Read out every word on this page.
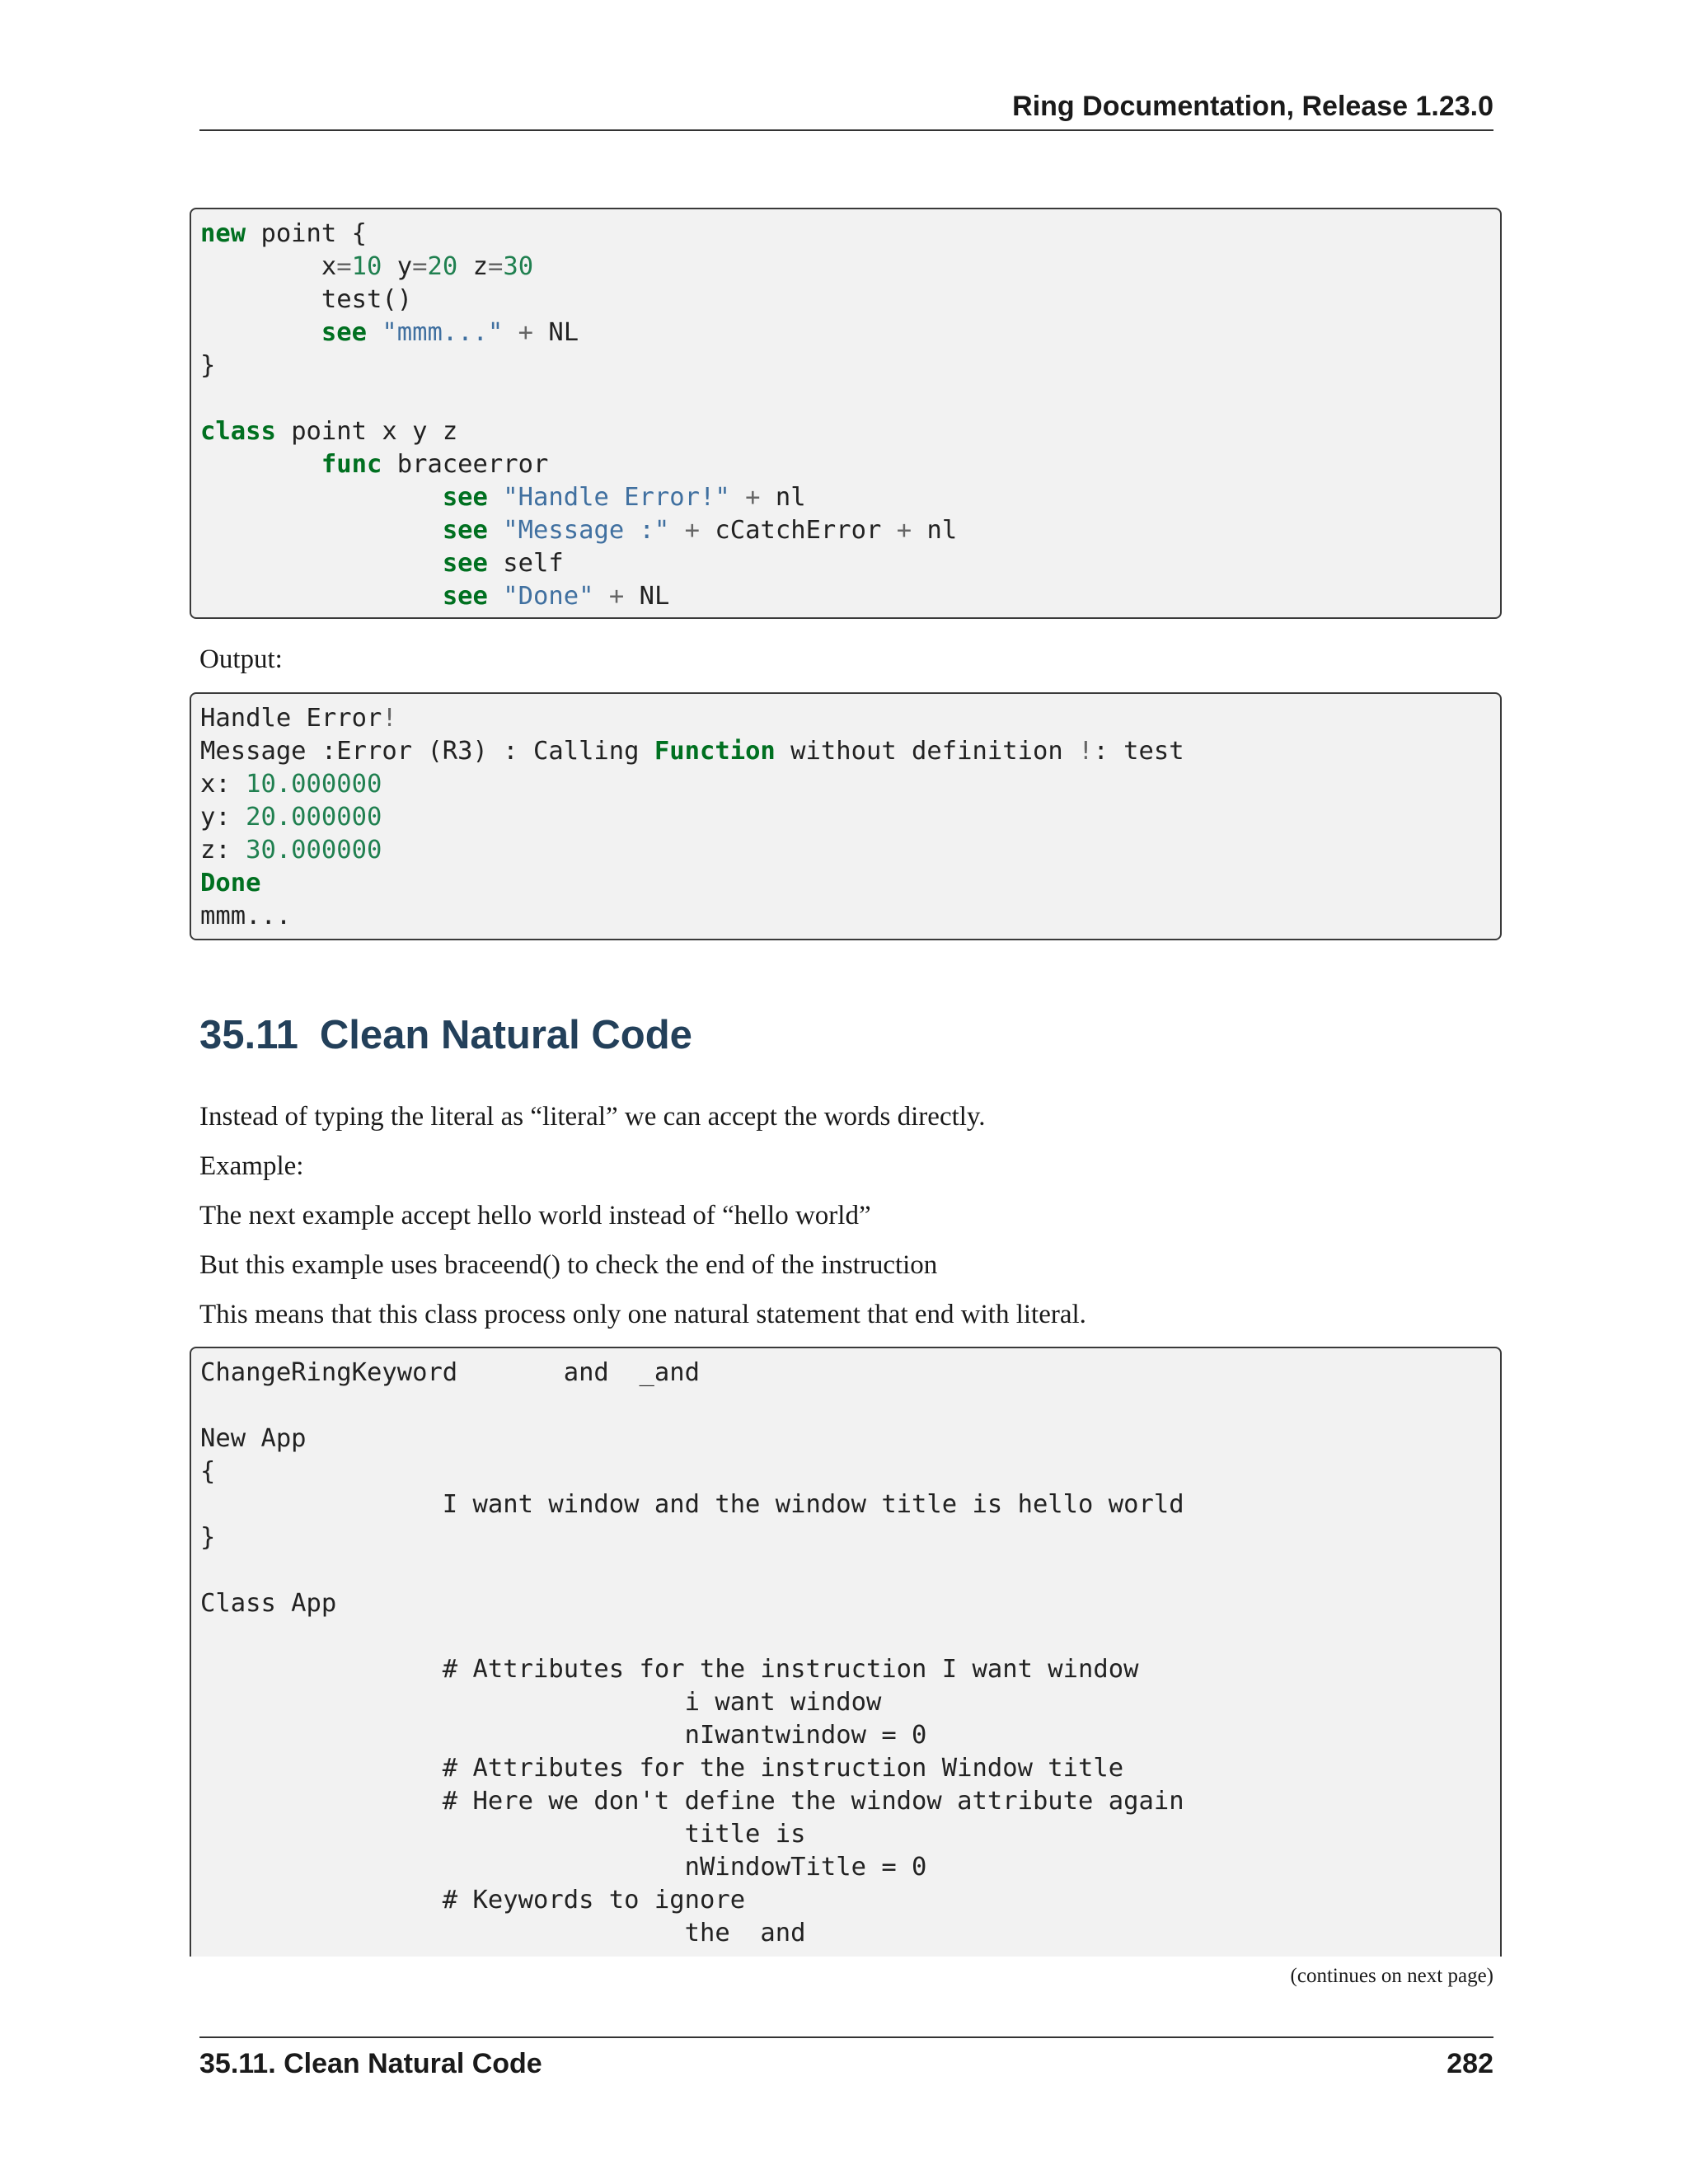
Ring Documentation, Release 1.23.0
new point {
x=10 y=20 z=30
test()
see "mmm..." + NL
}
class point x y z
func braceerror
see "Handle Error!" + nl
see "Message :" + cCatchError + nl
see self
see "Done" + NL
Output:
Handle Error!
Message :Error (R3) : Calling Function without definition !: test
x: 10.000000
y: 20.000000
z: 30.000000
Done
mmm...
35.11 Clean Natural Code
Instead of typing the literal as “literal” we can accept the words directly.
Example:
The next example accept hello world instead of “hello world”
But this example uses braceend() to check the end of the instruction
This means that this class process only one natural statement that end with literal.
ChangeRingKeyword       and  _and
New App
{
I want window and the window title is hello world
}
Class App
# Attributes for the instruction I want window
i want window
nIwantwindow = 0
# Attributes for the instruction Window title
# Here we don't define the window attribute again
title is
nWindowTitle = 0
# Keywords to ignore
the  and
(continues on next page)
35.11. Clean Natural Code	282
